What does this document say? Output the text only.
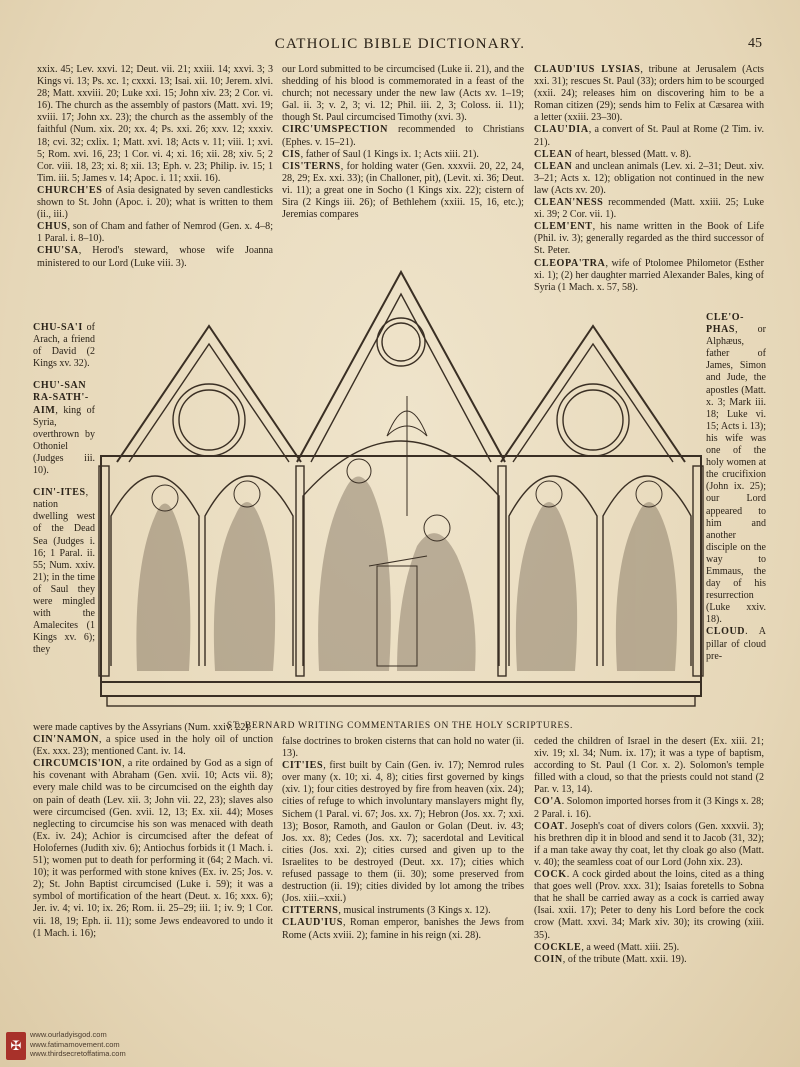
CATHOLIC BIBLE DICTIONARY.	45

xxix. 45; Lev. xxvi. 12; Deut. vii. 21; xxiii. 14; xxvi. 3; 3 Kings vi. 13; Ps. xc. 1; cxxxi. 13; Isai. xii. 10; Jerem. xlvi. 28; Matt. xxviii. 20; Luke xxi. 15; John xiv. 23; 2 Cor. vi. 16). The church as the assembly of pastors (Matt. xvi. 19; xviii. 17; John xx. 23); the church as the assembly of the faithful (Num. xix. 20; xx. 4; Ps. xxi. 26; xxv. 12; xxxiv. 18; cvi. 32; cxlix. 1; Matt. xvi. 18; Acts v. 11; viii. 1; xvi. 5; Rom. xvi. 16, 23; 1 Cor. vi. 4; xi. 16; xii. 28; xiv. 5; 2 Cor. viii. 18, 23; xi. 8; xii. 13; Eph. v. 23; Philip. iv. 15; 1 Tim. iii. 5; James v. 14; Apoc. i. 11; xxii. 16).

CHURCH'ES of Asia designated by seven candlesticks shown to St. John (Apoc. i. 20); what is written to them (ii., iii.)

CHUS, son of Cham and father of Nemrod (Gen. x. 4–8; 1 Paral. i. 8–10).

CHU'SA, Herod's steward, whose wife Joanna ministered to our Lord (Luke viii. 3).

our Lord submitted to be circumcised (Luke ii. 21), and the shedding of his blood is commemorated in a feast of the church; not necessary under the new law (Acts xv. 1–19; Gal. ii. 3; v. 2, 3; vi. 12; Phil. iii. 2, 3; Coloss. ii. 11); though St. Paul circumcised Timothy (xvi. 3).

CIRC'UMSPECTION recommended to Christians (Ephes. v. 15–21).

CIS, father of Saul (1 Kings ix. 1; Acts xiii. 21).

CIS'TERNS, for holding water (Gen. xxxvii. 20, 22, 24, 28, 29; Ex. xxi. 33); (in Challoner, pit), (Levit. xi. 36; Deut. vi. 11); a great one in Socho (1 Kings xix. 22); cistern of Sira (2 Kings iii. 26); of Bethlehem (xxiii. 15, 16, etc.); Jeremias compares

CLAUD'IUS LYSIAS, tribune at Jerusalem (Acts xxi. 31); rescues St. Paul (33); orders him to be scourged (xxii. 24); releases him on discovering him to be a Roman citizen (29); sends him to Felix at Cæsarea with a letter (xxiii. 23–30).

CLAU'DIA, a convert of St. Paul at Rome (2 Tim. iv. 21).

CLEAN of heart, blessed (Matt. v. 8).

CLEAN and unclean animals (Lev. xi. 2–31; Deut. xiv. 3–21; Acts x. 12); obligation not continued in the new law (Acts xv. 20).

CLEAN'NESS recommended (Matt. xxiii. 25; Luke xi. 39; 2 Cor. vii. 1).

CLEM'ENT, his name written in the Book of Life (Phil. iv. 3); generally regarded as the third successor of St. Peter.

CLEOPA'TRA, wife of Ptolomee Philometor (Esther xi. 1); (2) her daughter married Alexander Bales, king of Syria (1 Mach. x. 57, 58).

CHU-SA'I of Arach, a friend of David (2 Kings xv. 32).

CHU'-SAN RA-SATH'-AIM, king of Syria, overthrown by Othoniel (Judges iii. 10).

CIN'-ITES, nation dwelling west of the Dead Sea (Judges i. 16; 1 Paral. ii. 55; Num. xxiv. 21); in the time of Saul they were mingled with the Amalecites (1 Kings xv. 6); they

CLE'O-PHAS, or Alphæus, father of James, Simon and Jude, the apostles (Matt. x. 3; Mark iii. 18; Luke vi. 15; Acts i. 13); his wife was one of the holy women at the crucifixion (John ix. 25); our Lord appeared to him and another disciple on the way to Emmaus, the day of his resurrection (Luke xxiv. 18).

CLOUD. A pillar of cloud pre-

ST. BERNARD WRITING COMMENTARIES ON THE HOLY SCRIPTURES.

were made captives by the Assyrians (Num. xxiv. 22).

CIN'NAMON, a spice used in the holy oil of unction (Ex. xxx. 23); mentioned Cant. iv. 14.

CIRCUMCIS'ION, a rite ordained by God as a sign of his covenant with Abraham (Gen. xvii. 10; Acts vii. 8); every male child was to be circumcised on the eighth day on pain of death (Lev. xii. 3; John vii. 22, 23); slaves also were circumcised (Gen. xvii. 12, 13; Ex. xii. 44); Moses neglecting to circumcise his son was menaced with death (Ex. iv. 24); Achior is circumcised after the defeat of Holofernes (Judith xiv. 6); Antiochus forbids it (1 Mach. i. 51); women put to death for performing it (64; 2 Mach. vi. 10); it was performed with stone knives (Ex. iv. 25; Jos. v. 2); St. John Baptist circumcised (Luke i. 59); it was a symbol of mortification of the heart (Deut. x. 16; xxx. 6); Jer. iv. 4; vi. 10; ix. 26; Rom. ii. 25–29; iii. 1; iv. 9; 1 Cor. vii. 18, 19; Eph. ii. 11); some Jews endeavored to undo it (1 Mach. i. 16);

false doctrines to broken cisterns that can hold no water (ii. 13).

CIT'IES, first built by Cain (Gen. iv. 17); Nemrod rules over many (x. 10; xi. 4, 8); cities first governed by kings (xiv. 1); four cities destroyed by fire from heaven (xix. 24); cities of refuge to which involuntary manslayers might fly, Sichem (1 Paral. vi. 67; Jos. xx. 7); Hebron (Jos. xx. 7; xxi. 13); Bosor, Ramoth, and Gaulon or Golan (Deut. iv. 43; Jos. xx. 8); Cedes (Jos. xx. 7); sacerdotal and Levitical cities (Jos. xxi. 2); cities cursed and given up to the Israelites to be destroyed (Deut. xx. 17); cities which refused passage to them (ii. 30); some preserved from destruction (ii. 19); cities divided by lot among the tribes (Jos. xiii.–xxii.)

CITTERNS, musical instruments (3 Kings x. 12).

CLAUD'IUS, Roman emperor, banishes the Jews from Rome (Acts xviii. 2); famine in his reign (xi. 28).

ceded the children of Israel in the desert (Ex. xiii. 21; xiv. 19; xl. 34; Num. ix. 17); it was a type of baptism, according to St. Paul (1 Cor. x. 2). Solomon's temple filled with a cloud, so that the priests could not stand (2 Par. v. 13, 14).

CO'A. Solomon imported horses from it (3 Kings x. 28; 2 Paral. i. 16).

COAT. Joseph's coat of divers colors (Gen. xxxvii. 3); his brethren dip it in blood and send it to Jacob (31, 32); if a man take away thy coat, let thy cloak go also (Matt. v. 40); the seamless coat of our Lord (John xix. 23).

COCK. A cock girded about the loins, cited as a thing that goes well (Prov. xxx. 31); Isaias foretells to Sobna that he shall be carried away as a cock is carried away (Isai. xxii. 17); Peter to deny his Lord before the cock crow (Matt. xxvi. 34; Mark xiv. 30); its crowing (xiii. 35).

COCKLE, a weed (Matt. xiii. 25).

COIN, of the tribute (Matt. xxii. 19).

✠
www.ourladyisgod.com
www.fatimamovement.com
www.thirdsecretoffatima.com
